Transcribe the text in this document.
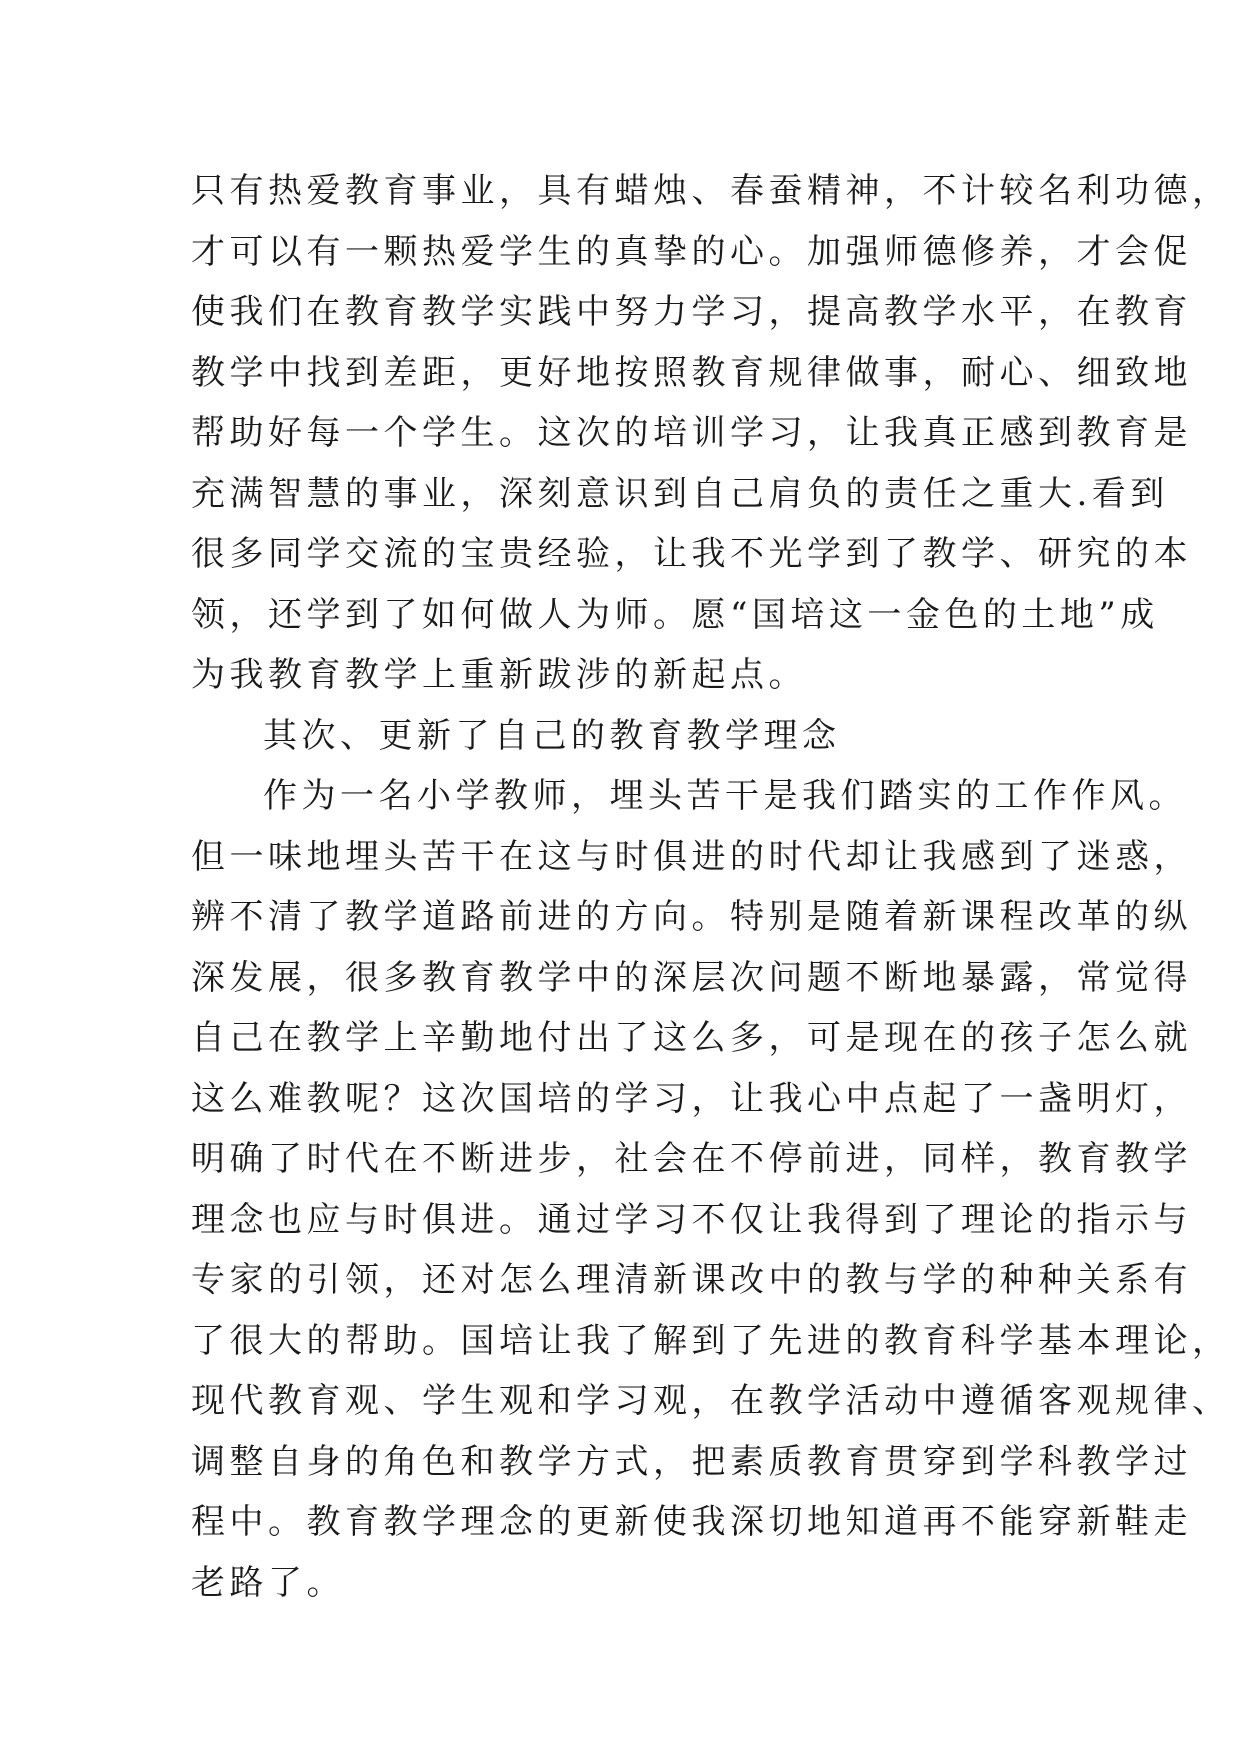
只有热爱教育事业，具有蜡烛、春蚕精神，不计较名利功德，
才可以有一颗热爱学生的真挚的心。加强师德修养，才会促
使我们在教育教学实践中努力学习，提高教学水平，在教育
教学中找到差距，更好地按照教育规律做事，耐心、细致地
帮助好每一个学生。这次的培训学习，让我真正感到教育是
充满智慧的事业，深刻意识到自己肩负的责任之重大.看到
很多同学交流的宝贵经验，让我不光学到了教学、研究的本
领，还学到了如何做人为师。愿“国培这一金色的土地”成
为我教育教学上重新跋涉的新起点。
其次、更新了自己的教育教学理念
作为一名小学教师，埋头苦干是我们踏实的工作作风。
但一味地埋头苦干在这与时俱进的时代却让我感到了迷惑，
辨不清了教学道路前进的方向。特别是随着新课程改革的纵
深发展，很多教育教学中的深层次问题不断地暴露，常觉得
自己在教学上辛勤地付出了这么多，可是现在的孩子怎么就
这么难教呢？这次国培的学习，让我心中点起了一盏明灯，
明确了时代在不断进步，社会在不停前进，同样，教育教学
理念也应与时俱进。通过学习不仅让我得到了理论的指示与
专家的引领，还对怎么理清新课改中的教与学的种种关系有
了很大的帮助。国培让我了解到了先进的教育科学基本理论，
现代教育观、学生观和学习观，在教学活动中遵循客观规律、
调整自身的角色和教学方式，把素质教育贯穿到学科教学过
程中。教育教学理念的更新使我深切地知道再不能穿新鞋走
老路了。
